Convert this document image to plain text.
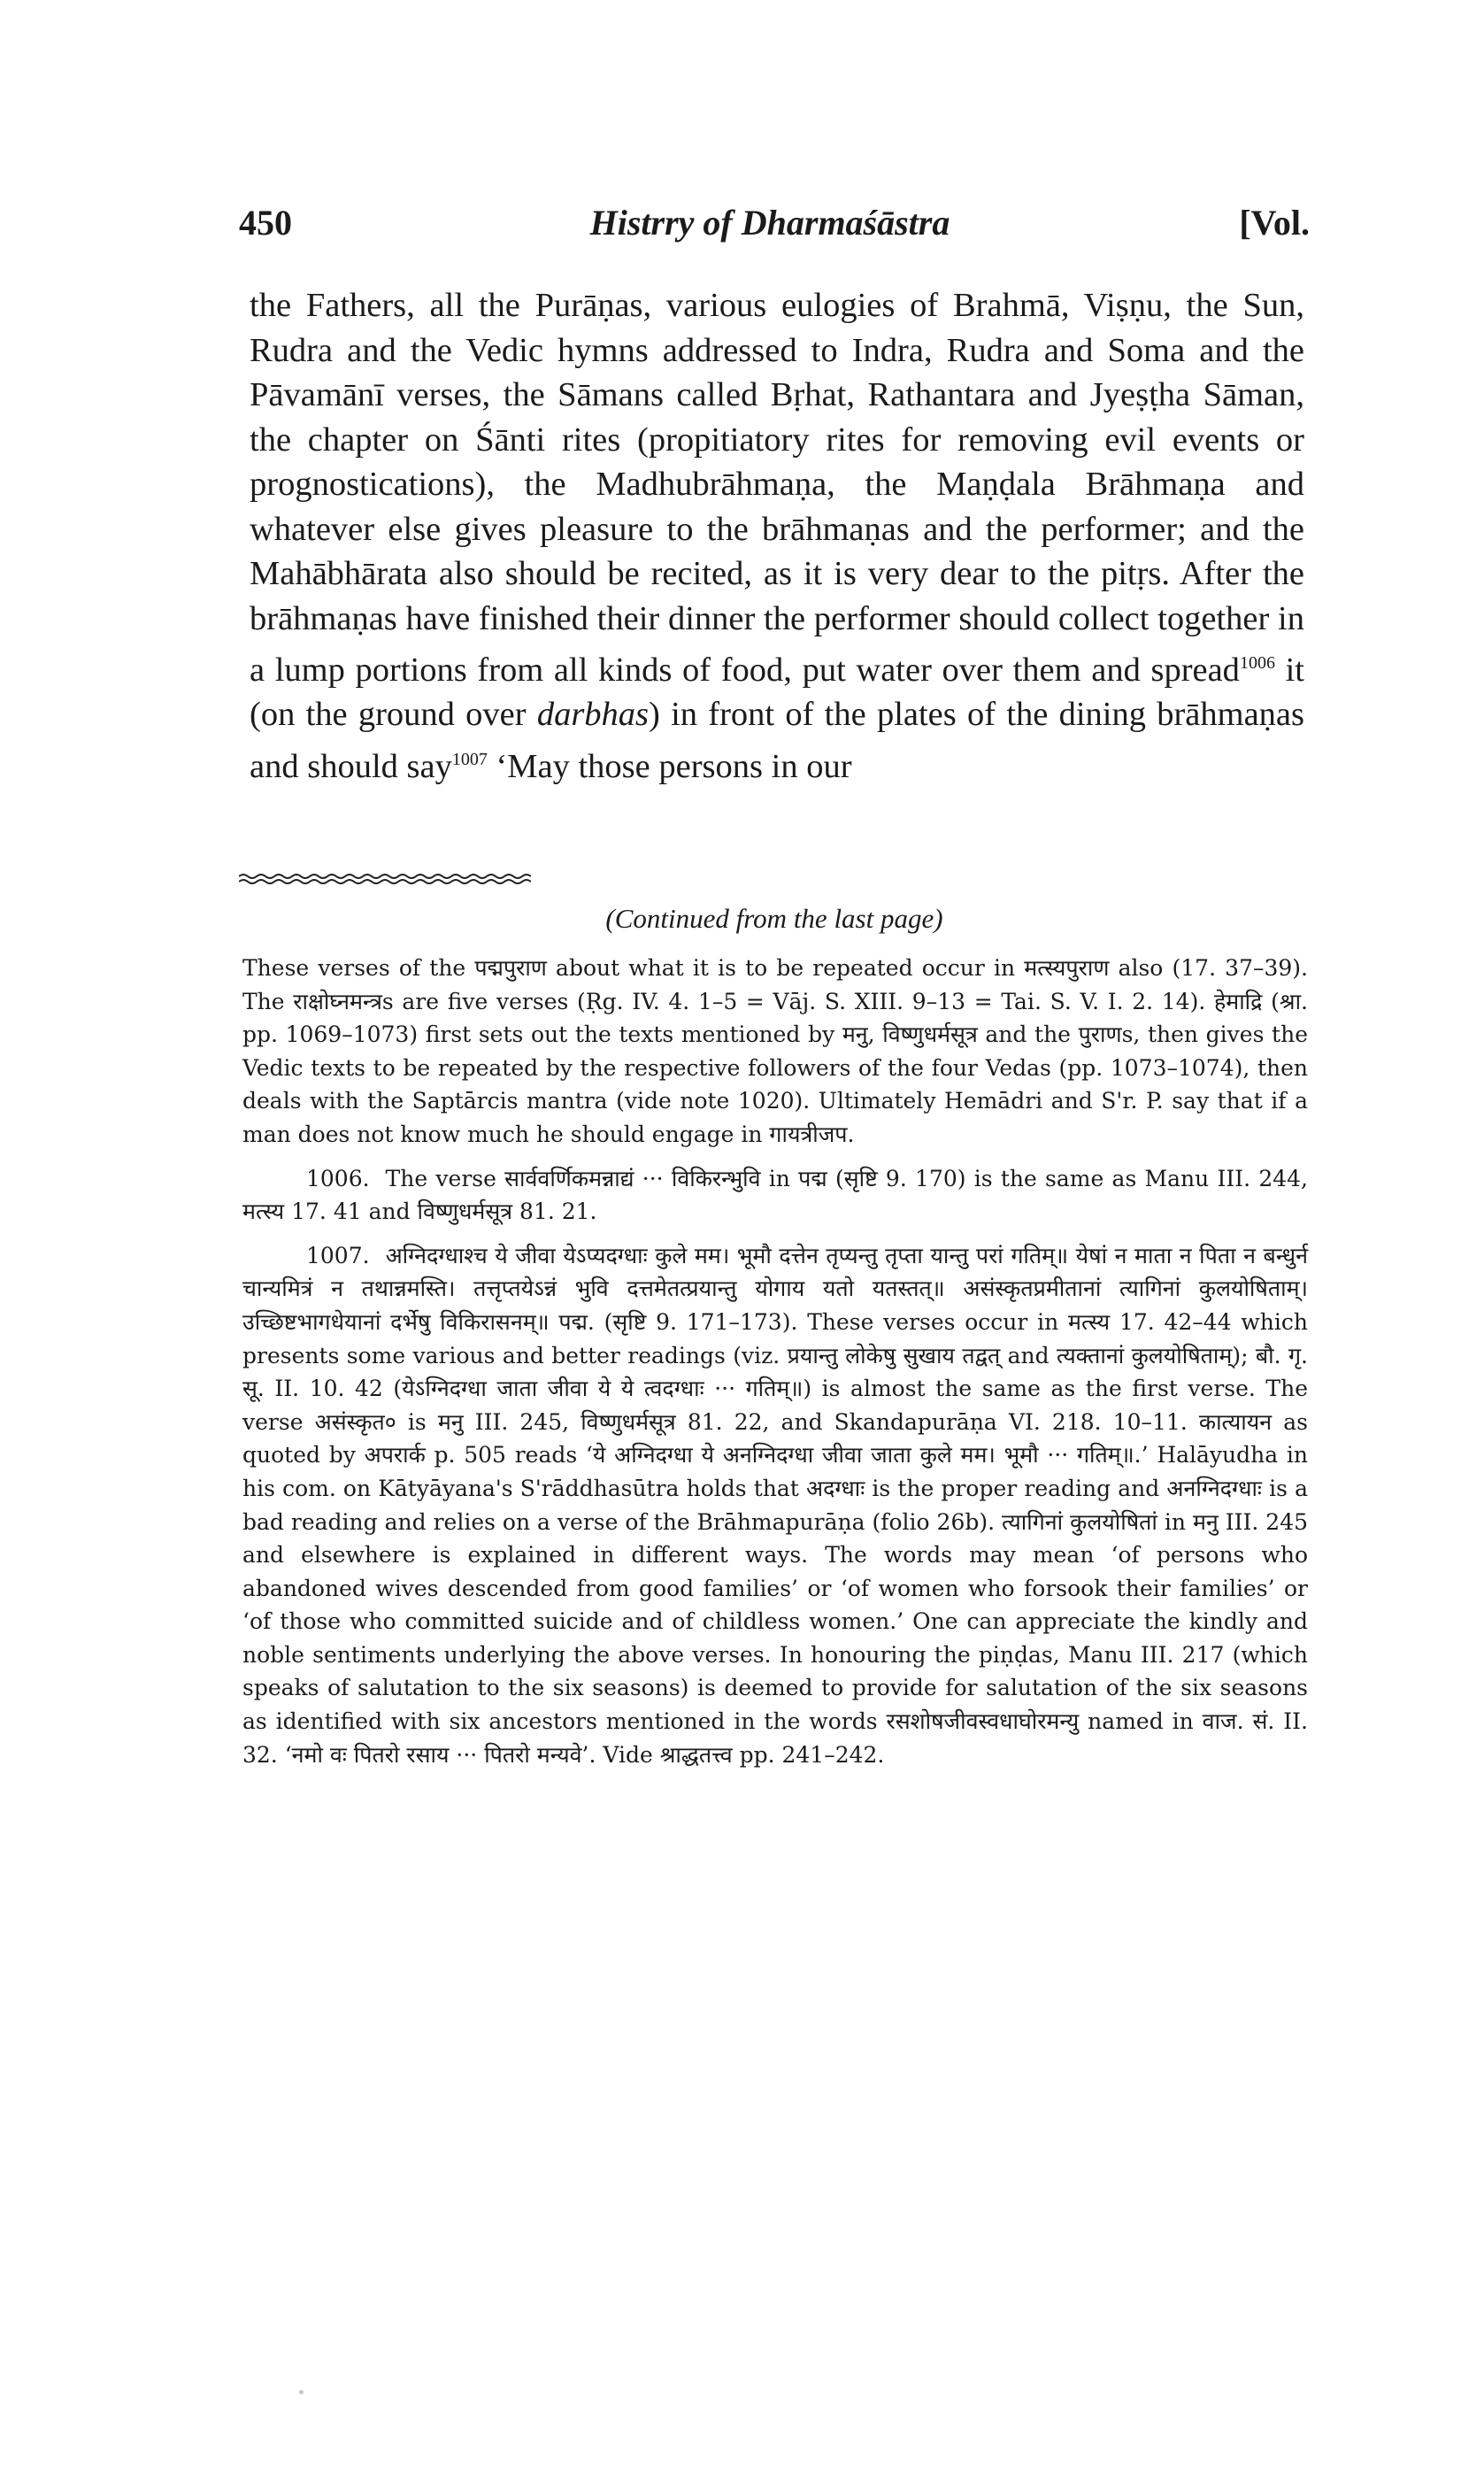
450	Histrry of Dharmaśāstra	[Vol.

the Fathers, all the Purāṇas, various eulogies of Brahmā, Viṣṇu, the Sun, Rudra and the Vedic hymns addressed to Indra, Rudra and Soma and the Pāvamānī verses, the Sāmans called Bṛhat, Rathantara and Jyeṣṭha Sāman, the chapter on Śānti rites (propitiatory rites for removing evil events or prognostications), the Madhubrāhmaṇa, the Maṇḍala Brāhmaṇa and whatever else gives pleasure to the brāhmaṇas and the performer; and the Mahābhārata also should be recited, as it is very dear to the pitṛs. After the brāhmaṇas have finished their dinner the performer should collect together in a lump portions from all kinds of food, put water over them and spread$^{1006}$ it (on the ground over darbhas) in front of the plates of the dining brāhmaṇas and should say$^{1007}$ ‘May those persons in our

(Continued from the last page)

These verses of the पद्मपुराण about what it is to be repeated occur in मत्स्यपुराण also (17. 37–39). The राक्षोघ्नमन्त्रs are five verses (Ṛg. IV. 4. 1–5 = Vāj. S. XIII. 9–13 = Tai. S. V. I. 2. 14). हेमाद्रि (श्रा. pp. 1069–1073) first sets out the texts mentioned by मनु, विष्णुधर्मसूत्र and the पुराणs, then gives the Vedic texts to be repeated by the respective followers of the four Vedas (pp. 1073–1074), then deals with the Saptārcis mantra (vide note 1020). Ultimately Hemādri and S'r. P. say that if a man does not know much he should engage in गायत्रीजप.

1006. The verse सार्ववर्णिकमन्नाद्यं ··· विकिरन्भुवि in पद्म (सृष्टि 9. 170) is the same as Manu III. 244, मत्स्य 17. 41 and विष्णुधर्मसूत्र 81. 21.

1007. अग्निदग्धाश्च ये जीवा येऽप्यदग्धाः कुले मम। भूमौ दत्तेन तृप्यन्तु तृप्ता यान्तु परां गतिम्॥ येषां न माता न पिता न बन्धुर्न चान्यमित्रं न तथान्नमस्ति। तत्तृप्तयेऽन्नं भुवि दत्तमेतत्प्रयान्तु योगाय यतो यतस्तत्॥ असंस्कृतप्रमीतानां त्यागिनां कुलयोषिताम्। उच्छिष्टभागधेयानां दर्भेषु विकिरासनम्॥ पद्म. (सृष्टि 9. 171–173). These verses occur in मत्स्य 17. 42–44 which presents some various and better readings (viz. प्रयान्तु लोकेषु सुखाय तद्वत् and त्यक्तानां कुलयोषिताम्); बौ. गृ. सू. II. 10. 42 (येऽग्निदग्धा जाता जीवा ये ये त्वदग्धाः ··· गतिम्॥) is almost the same as the first verse. The verse असंस्कृत० is मनु III. 245, विष्णुधर्मसूत्र 81. 22, and Skandapurāṇa VI. 218. 10–11. कात्यायन as quoted by अपरार्क p. 505 reads ‘ये अग्निदग्धा ये अनग्निदग्धा जीवा जाता कुले मम। भूमौ ··· गतिम्॥.’ Halāyudha in his com. on Kātyāyana's S'rāddhasūtra holds that अदग्धाः is the proper reading and अनग्निदग्धाः is a bad reading and relies on a verse of the Brāhmapurāṇa (folio 26b). त्यागिनां कुलयोषितां in मनु III. 245 and elsewhere is explained in different ways. The words may mean ‘of persons who abandoned wives descended from good families’ or ‘of women who forsook their families’ or ‘of those who committed suicide and of childless women.’ One can appreciate the kindly and noble sentiments underlying the above verses. In honouring the piṇḍas, Manu III. 217 (which speaks of salutation to the six seasons) is deemed to provide for salutation of the six seasons as identified with six ancestors mentioned in the words रसशोषजीवस्वधाघोरमन्यु named in वाज. सं. II. 32. ‘नमो वः पितरो रसाय ··· पितरो मन्यवे’. Vide श्राद्धतत्त्व pp. 241–242.
